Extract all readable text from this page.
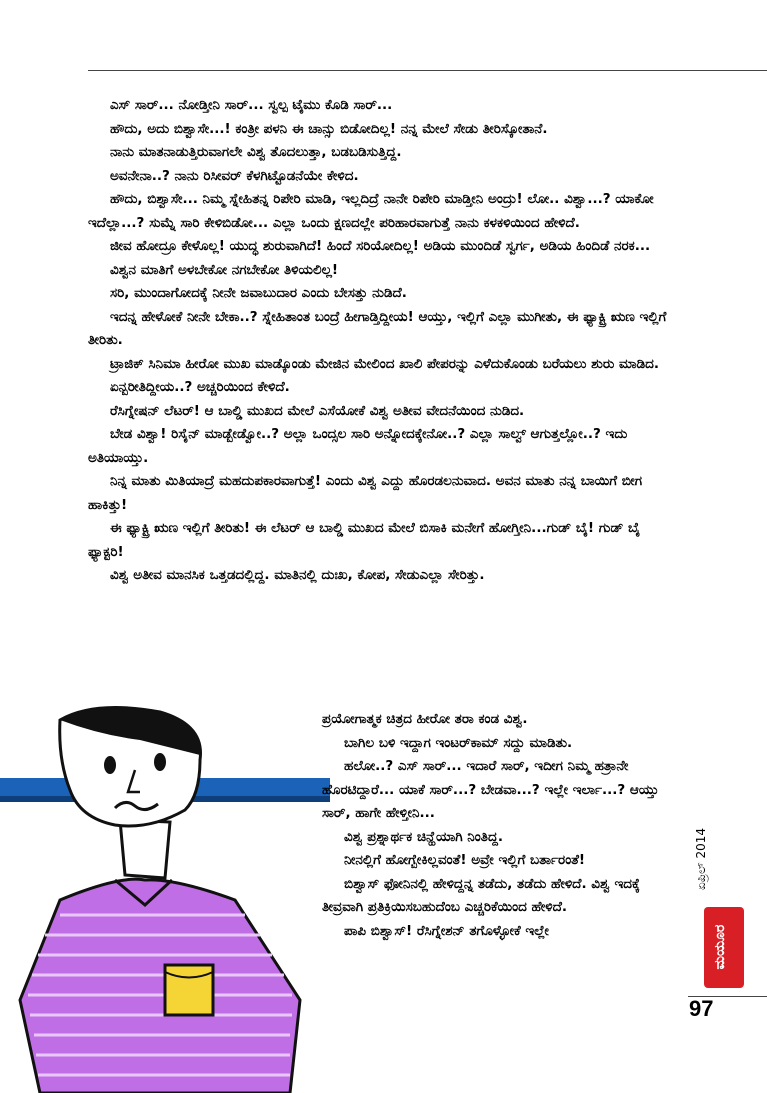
ಎಸ್ ಸಾರ್... ನೋಡ್ತೀನಿ ಸಾರ್... ಸ್ವಲ್ಪ ಟೈಮು ಕೊಡಿ ಸಾರ್...

ಹೌದು, ಅದು ಬಿಶ್ವಾಸೇ...! ಕಂತ್ರೀ ಪಳನಿ ಈ ಚಾನ್ಸು ಬಿಡೋದಿಲ್ಲ! ನನ್ನ ಮೇಲೆ ಸೇಡು ತೀರಿಸ್ಕೋತಾನೆ.

ನಾನು ಮಾತನಾಡುತ್ತಿರುವಾಗಲೇ ವಿಶ್ವ ತೊದಲುತ್ತಾ, ಬಡಬಡಿಸುತ್ತಿದ್ದ.

ಅವನೇನಾ..? ನಾನು ರಿಸೀವರ್ ಕೆಳಗಿಟ್ಟೊಡನೆಯೇ ಕೇಳಿದ.

ಹೌದು, ಬಿಶ್ವಾಸೇ... ನಿಮ್ಮ ಸ್ನೇಹಿತನ್ನ ರಿಪೇರಿ ಮಾಡಿ, ಇಲ್ಲದಿದ್ರೆ ನಾನೇ ರಿಪೇರಿ ಮಾಡ್ತೀನಿ ಅಂದ್ರು! ಲೋ.. ವಿಶ್ವಾ...? ಯಾಕೋ ಇದೆಲ್ಲಾ...? ಸುಮ್ನೆ ಸಾರಿ ಕೇಳಿಬಿಡೋ... ಎಲ್ಲಾ ಒಂದು ಕ್ಷಣದಲ್ಲೇ ಪರಿಹಾರವಾಗುತ್ತೆ ನಾನು ಕಳಕಳಿಯಿಂದ ಹೇಳಿದೆ.

ಜೀವ ಹೋದ್ರೂ ಕೇಳೊಲ್ಲ! ಯುದ್ಧ ಶುರುವಾಗಿದೆ! ಹಿಂದೆ ಸರಿಯೋದಿಲ್ಲ! ಅಡಿಯ ಮುಂದಿಡೆ ಸ್ವರ್ಗ, ಅಡಿಯ ಹಿಂದಿಡೆ ನರಕ...

ವಿಶ್ವನ ಮಾತಿಗೆ ಅಳಬೇಕೋ ನಗಬೇಕೋ ತಿಳಿಯಲಿಲ್ಲ!

ಸರಿ, ಮುಂದಾಗೋದಕ್ಕೆ ನೀನೇ ಜವಾಬುದಾರ ಎಂದು ಬೇಸತ್ತು ನುಡಿದೆ.

ಇದನ್ನ ಹೇಳೋಕೆ ನೀನೇ ಬೇಕಾ..? ಸ್ನೇಹಿತಾಂತ ಬಂದ್ರೆ ಹೀಗಾಡ್ತಿದ್ದೀಯ! ಆಯ್ತು, ಇಲ್ಲಿಗೆ ಎಲ್ಲಾ ಮುಗೀತು, ಈ ಫ್ಯಾಕ್ಟ್ರಿ ಋಣ ಇಲ್ಲಿಗೆ ತೀರಿತು.

ಟ್ರಾಜಿಕ್ ಸಿನಿಮಾ ಹೀರೋ ಮುಖ ಮಾಡ್ಕೊಂಡು ಮೇಜಿನ ಮೇಲಿಂದ ಖಾಲಿ ಪೇಪರನ್ನು ಎಳೆದುಕೊಂಡು ಬರೆಯಲು ಶುರು ಮಾಡಿದ.

ಏನ್ಬರೀತಿದ್ದೀಯ..? ಅಚ್ಚರಿಯಿಂದ ಕೇಳಿದೆ.

ರೆಸಿಗ್ನೇಷನ್ ಲೆಟರ್! ಆ ಬಾಲ್ಡಿ ಮುಖದ ಮೇಲೆ ಎಸೆಯೋಕೆ ವಿಶ್ವ ಅತೀವ ವೇದನೆಯಿಂದ ನುಡಿದ.

ಬೇಡ ವಿಶ್ವಾ! ರಿಸೈನ್ ಮಾಡ್ಬೇಡ್ವೋ..? ಅಲ್ಲಾ ಒಂದ್ಸಲ ಸಾರಿ ಅನ್ನೋದಕ್ಕೇನೋ..? ಎಲ್ಲಾ ಸಾಲ್ವ್ ಆಗುತ್ತಲ್ಲೋ..? ಇದು ಅತಿಯಾಯ್ತು.

ನಿನ್ನ ಮಾತು ಮಿತಿಯಾದ್ರೆ ಮಹದುಪಕಾರವಾಗುತ್ತೆ! ಎಂದು ವಿಶ್ವ ಎದ್ದು ಹೊರಡಲನುವಾದ. ಅವನ ಮಾತು ನನ್ನ ಬಾಯಿಗೆ ಬೀಗ ಹಾಕಿತ್ತು!

ಈ ಫ್ಯಾಕ್ಟ್ರಿ ಋಣ ಇಲ್ಲಿಗೆ ತೀರಿತು! ಈ ಲೆಟರ್ ಆ ಬಾಲ್ಡಿ ಮುಖದ ಮೇಲೆ ಬಿಸಾಕಿ ಮನೇಗೆ ಹೋಗ್ತೀನಿ...ಗುಡ್ ಬೈ! ಗುಡ್ ಬೈ ಫ್ಯಾಕ್ಟರಿ!

ವಿಶ್ವ ಅತೀವ ಮಾನಸಿಕ ಒತ್ತಡದಲ್ಲಿದ್ದ. ಮಾತಿನಲ್ಲಿ ದುಃಖ, ಕೋಪ, ಸೇಡುಎಲ್ಲಾ ಸೇರಿತ್ತು.

ಪ್ರಯೋಗಾತ್ಮಕ ಚಿತ್ರದ ಹೀರೋ ತರಾ ಕಂಡ ವಿಶ್ವ.

ಬಾಗಿಲ ಬಳಿ ಇದ್ದಾಗ ಇಂಟರ್‌ಕಾಮ್ ಸದ್ದು ಮಾಡಿತು.

ಹಲೋ..? ಎಸ್ ಸಾರ್... ಇದಾರೆ ಸಾರ್, ಇದೀಗ ನಿಮ್ಮ ಹತ್ರಾನೇ ಹೊರಟಿದ್ದಾರೆ... ಯಾಕೆ ಸಾರ್...? ಬೇಡವಾ...? ಇಲ್ಲೇ ಇರ್ಲಾ...? ಆಯ್ತು ಸಾರ್, ಹಾಗೇ ಹೇಳ್ತೀನಿ...

ವಿಶ್ವ ಪ್ರಶ್ನಾರ್ಥಕ ಚಿನ್ಹೆಯಾಗಿ ನಿಂತಿದ್ದ.

ನೀನಲ್ಲಿಗೆ ಹೋಗ್ಬೇಕಿಲ್ಲವಂತೆ! ಅವ್ರೇ ಇಲ್ಲಿಗೆ ಬರ್ತಾರಂತೆ!

ಬಿಶ್ವಾಸ್ ಫೋನಿನಲ್ಲಿ ಹೇಳಿದ್ದನ್ನ ತಡೆದು, ತಡೆದು ಹೇಳಿದೆ. ವಿಶ್ವ ಇದಕ್ಕೆ ತೀವ್ರವಾಗಿ ಪ್ರತಿಕ್ರಿಯಿಸಬಹುದೆಂಬ ಎಚ್ಚರಿಕೆಯಿಂದ ಹೇಳಿದೆ.

ಪಾಪಿ ಬಿಶ್ವಾಸ್! ರೆಸಿಗ್ನೇಶನ್ ತಗೊಳ್ಳೋಕೆ ಇಲ್ಲೇ

ಏಪ್ರಿಲ್ 2014
ಮಯೂರ
97
